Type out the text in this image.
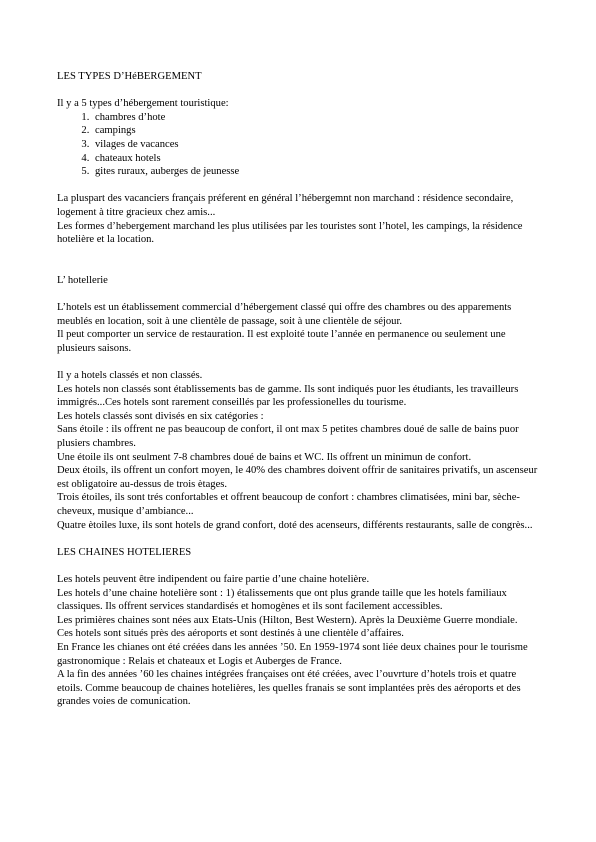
LES TYPES D’HéBERGEMENT
Il y a 5 types d’hébergement touristique:
1. chambres d’hote
2. campings
3. vilages de vacances
4. chateaux hotels
5. gites ruraux, auberges de jeunesse
La pluspart des vacanciers français préferent en général l’hébergemnt non marchand : résidence secondaire, logement à titre gracieux chez amis...
Les formes d’hebergement marchand les plus utilisées par les touristes sont l’hotel, les campings, la résidence hotelière et la location.
L’ hotellerie
L’hotels est un établissement commercial d’hébergement classé qui offre des chambres ou des apparements meublés en location, soit à une clientèle de passage, soit à une clientèle de séjour.
Il peut comporter un service de restauration. Il est exploité toute l’année en permanence ou seulement une plusieurs saisons.
Il y a hotels classés et non classés.
Les hotels non classés sont établissements bas de gamme. Ils sont indiqués puor les étudiants, les travailleurs immigrés...Ces hotels sont rarement conseillés par les professionelles du tourisme.
Les hotels classés sont divisés en six catégories :
Sans étoile : ils offrent ne pas beaucoup de confort, il ont max 5 petites chambres doué de salle de bains puor plusiers chambres.
Une étoile ils ont seulment 7-8 chambres doué de bains et WC. Ils offrent un minimun de confort.
Deux étoils, ils offrent un confort moyen, le 40% des chambres doivent offrir de sanitaires privatifs, un ascenseur est obligatoire au-dessus de trois ètages.
Trois étoiles, ils sont trés confortables et offrent beaucoup de confort : chambres climatisées, mini bar, sèche-cheveux, musique d’ambiance...
Quatre ètoiles luxe, ils sont hotels de grand confort, doté des acenseurs, différents restaurants, salle de congrès...
LES CHAINES HOTELIERES
Les hotels peuvent être indipendent ou faire partie d’une chaine hotelière.
Les hotels d’une chaine hotelière sont : 1) étalissements que ont plus grande taille que les hotels familiaux classiques. Ils offrent services standardisés et homogènes et ils sont facilement accessibles.
Les primières chaines sont nées aux Etats-Unis (Hilton, Best Western). Après la Deuxième Guerre mondiale.
Ces hotels sont situés près des aéroports et sont destinés à une clientèle d’affaires.
En France les chianes ont été créées dans les années ’50. En 1959-1974 sont liée deux chaines pour le tourisme gastronomique : Relais et chateaux et Logis et Auberges de France.
A la fin des années ’60 les chaines intégrées françaises ont été créées, avec l’ouvrture d’hotels trois et quatre etoils. Comme beaucoup de chaines hotelières, les quelles franais se sont implantées près des aéroports et des grandes voies de comunication.
